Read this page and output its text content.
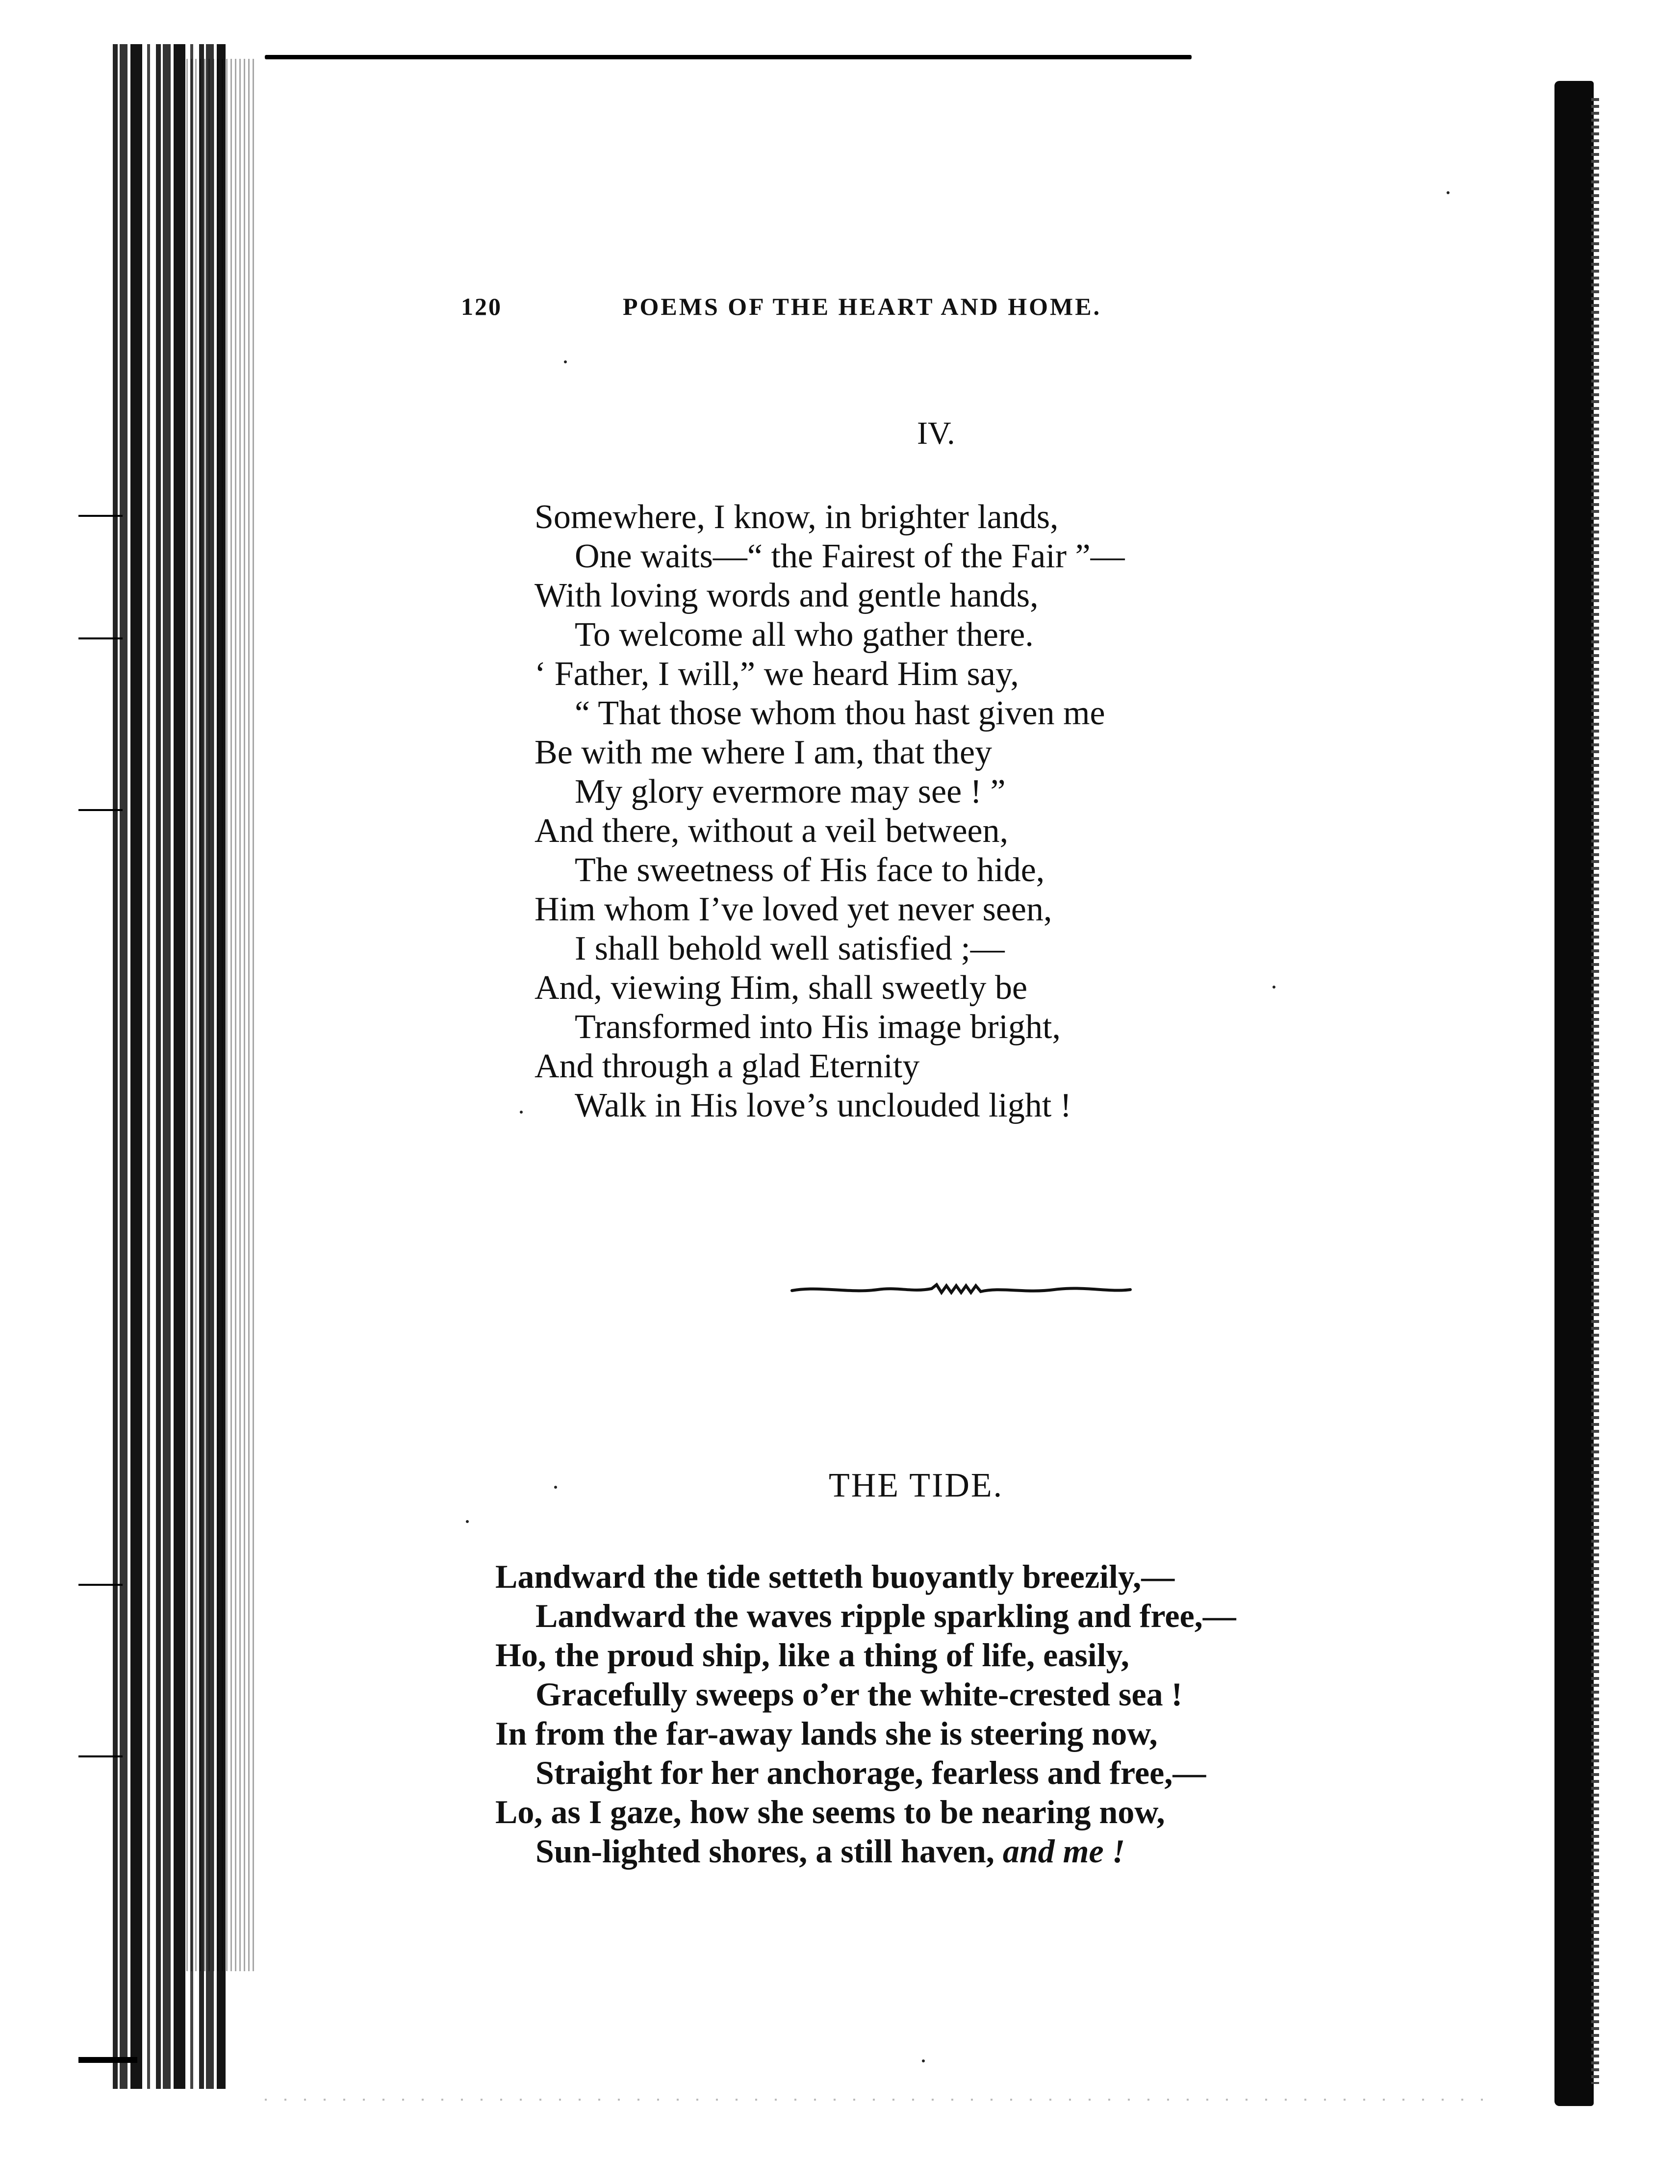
120	POEMS OF THE HEART AND HOME.
IV.
Somewhere, I know, in brighter lands,
One waits—“ the Fairest of the Fair ”—
With loving words and gentle hands,
To welcome all who gather there.
‘ Father, I will,” we heard Him say,
“ That those whom thou hast given me
Be with me where I am, that they
My glory evermore may see ! ”
And there, without a veil between,
The sweetness of His face to hide,
Him whom I’ve loved yet never seen,
I shall behold well satisfied ;—
And, viewing Him, shall sweetly be
Transformed into His image bright,
And through a glad Eternity
Walk in His love’s unclouded light !
THE TIDE.
Landward the tide setteth buoyantly breezily,—
Landward the waves ripple sparkling and free,—
Ho, the proud ship, like a thing of life, easily,
Gracefully sweeps o’er the white-crested sea !
In from the far-away lands she is steering now,
Straight for her anchorage, fearless and free,—
Lo, as I gaze, how she seems to be nearing now,
Sun-lighted shores, a still haven, and me !
